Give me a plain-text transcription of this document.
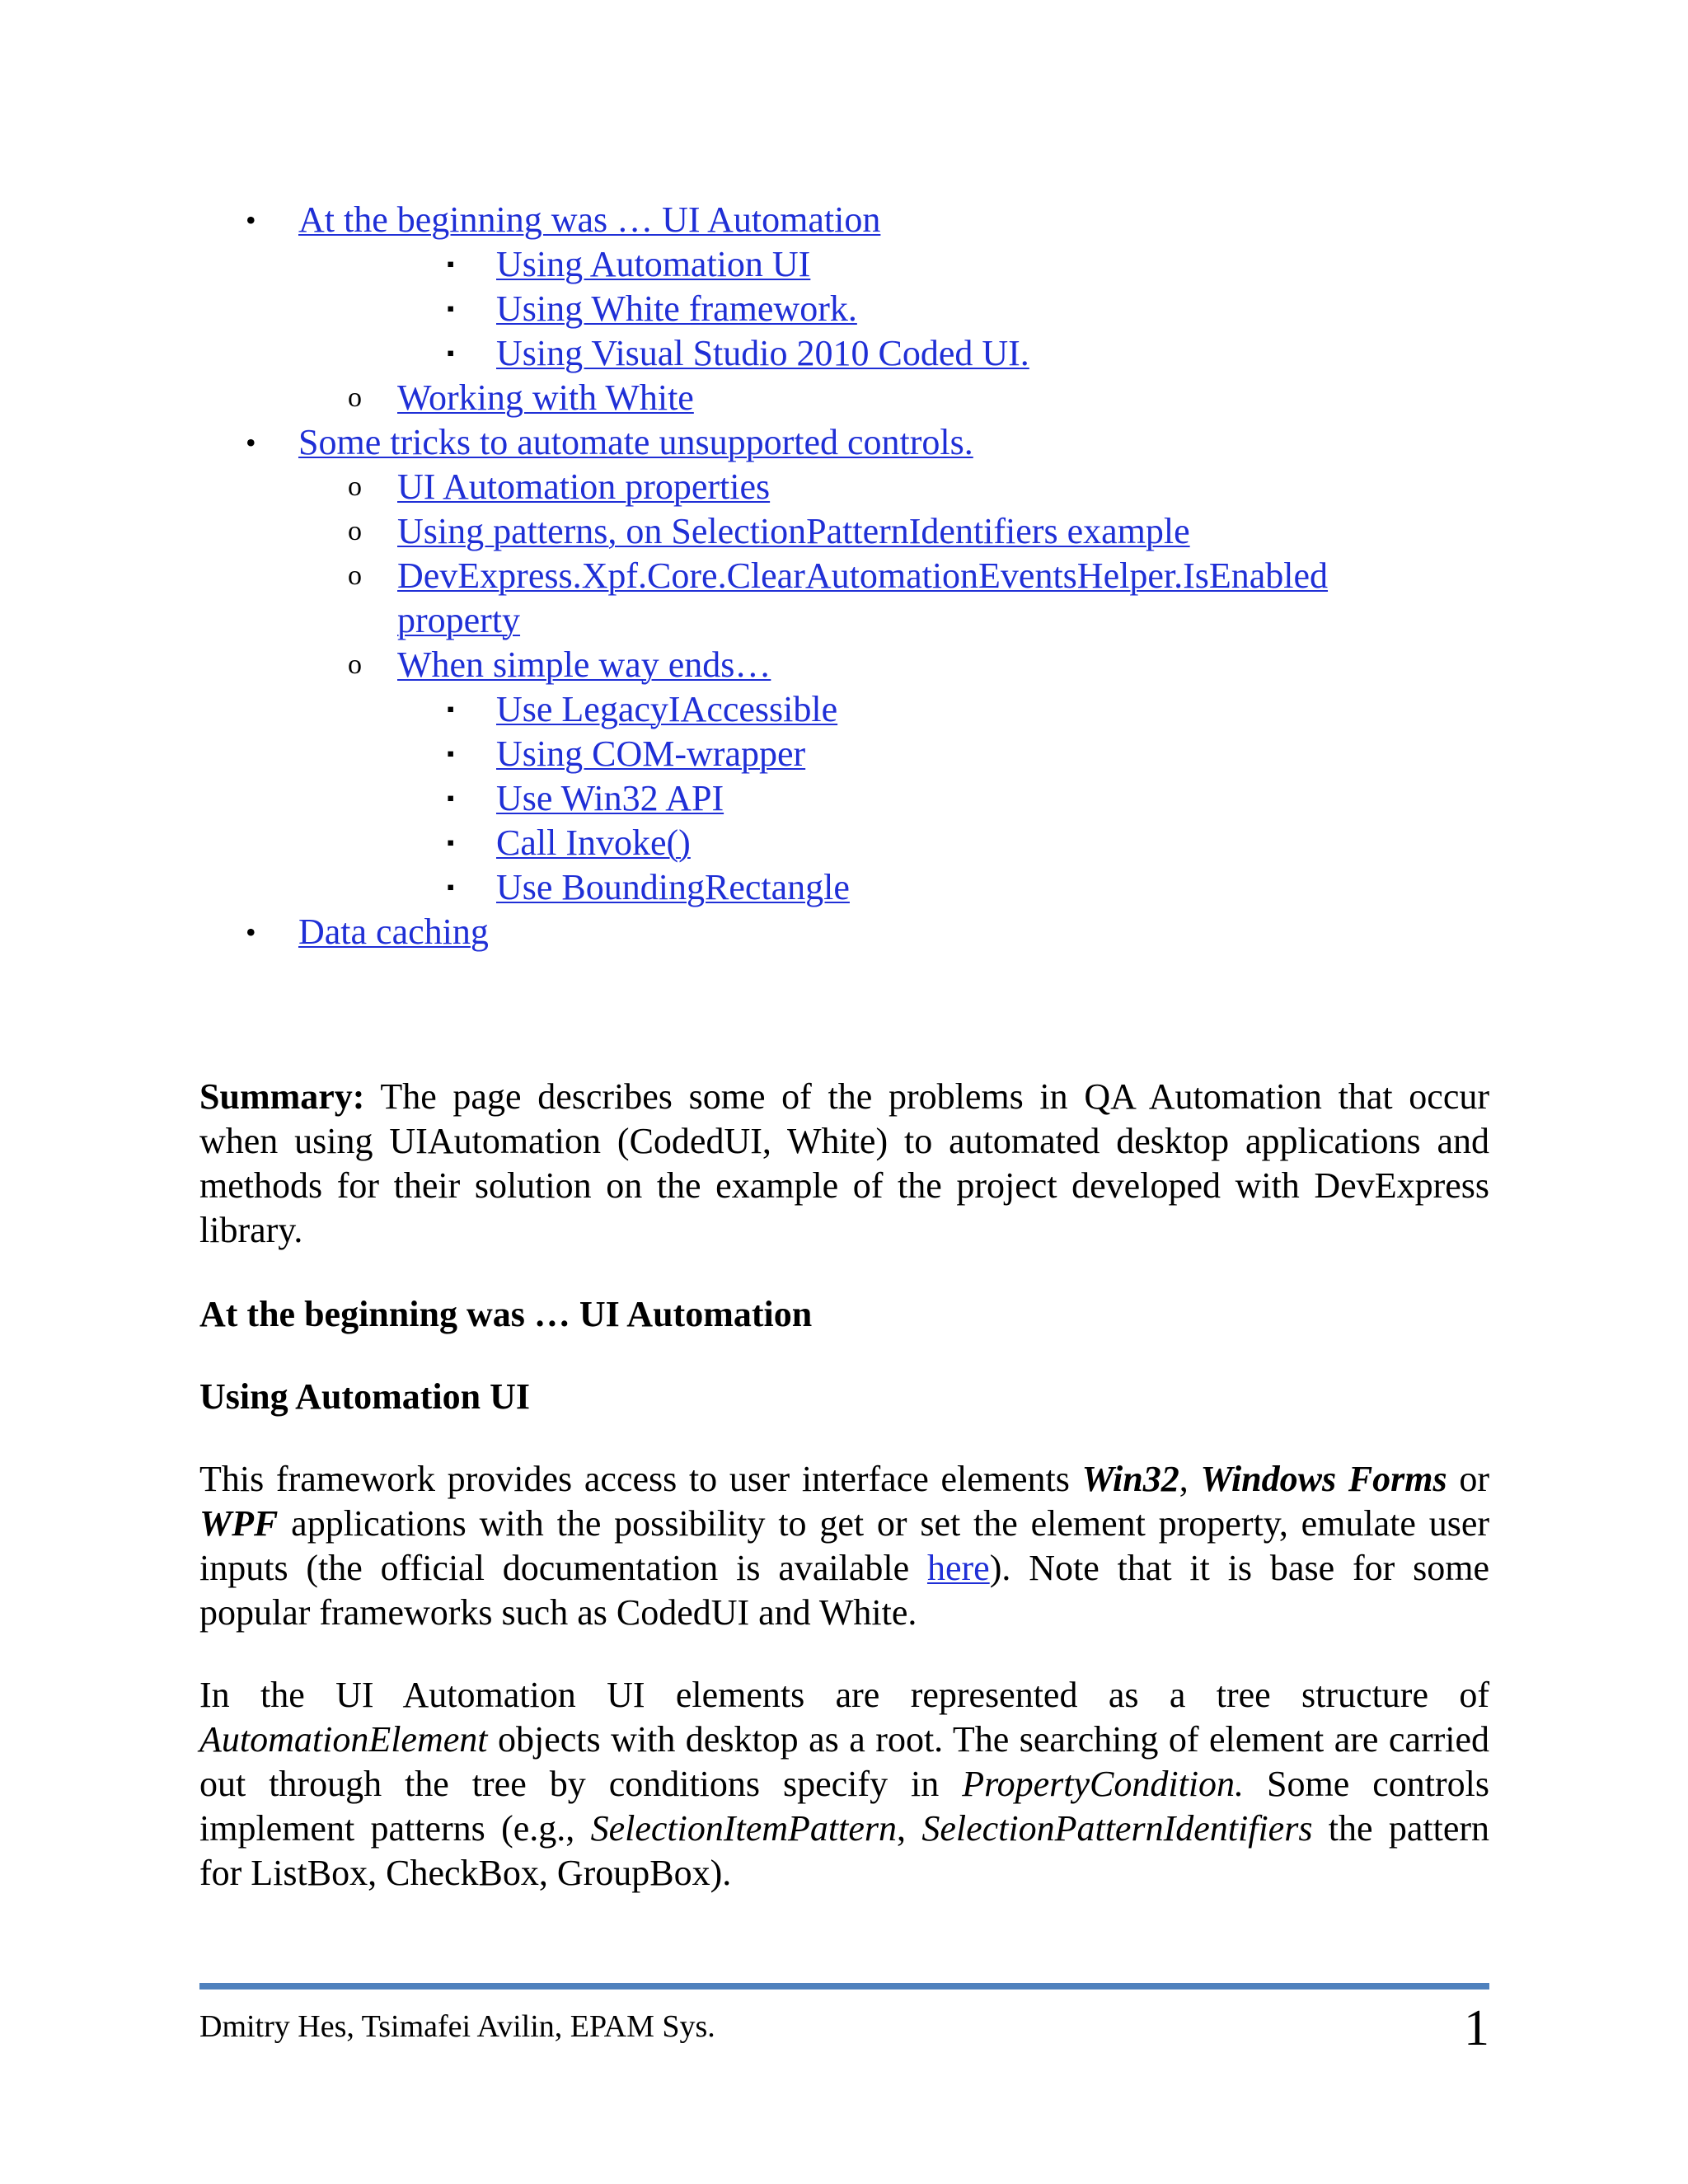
• At the beginning was … UI Automation
▪ Using Automation UI
▪ Using White framework.
▪ Using Visual Studio 2010 Coded UI.
o Working with White
• Some tricks to automate unsupported controls.
o UI Automation properties
o Using patterns, on SelectionPatternIdentifiers example
o DevExpress.Xpf.Core.ClearAutomationEventsHelper.IsEnabled property
o When simple way ends…
▪ Use LegacyIAccessible
▪ Using COM-wrapper
▪ Use Win32 API
▪ Call Invoke()
▪ Use BoundingRectangle
• Data caching

Summary: The page describes some of the problems in QA Automation that occur when using UIAutomation (CodedUI, White) to automated desktop applications and methods for their solution on the example of the project developed with DevExpress library.

At the beginning was … UI Automation
Using Automation UI

This framework provides access to user interface elements Win32, Windows Forms or WPF applications with the possibility to get or set the element property, emulate user inputs (the official documentation is available here). Note that it is base for some popular frameworks such as CodedUI and White.

In the UI Automation UI elements are represented as a tree structure of AutomationElement objects with desktop as a root. The searching of element are carried out through the tree by conditions specify in PropertyCondition. Some controls implement patterns (e.g., SelectionItemPattern, SelectionPatternIdentifiers the pattern for ListBox, CheckBox, GroupBox).

Dmitry Hes, Tsimafei Avilin, EPAM Sys.	1
